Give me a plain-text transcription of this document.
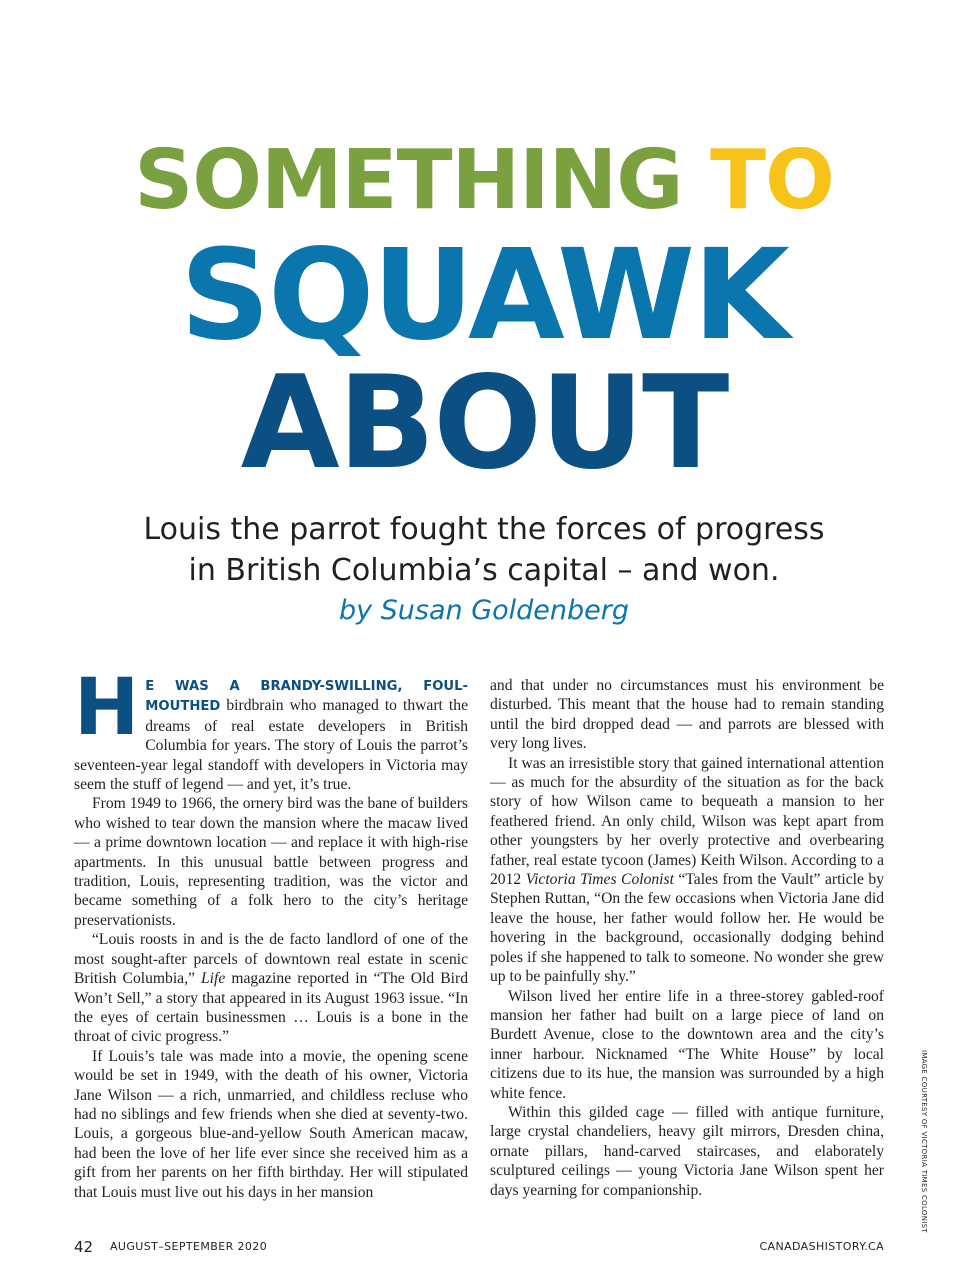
SOMETHING TO
SQUAWK
ABOUT
Louis the parrot fought the forces of progress
in British Columbia’s capital – and won.
by Susan Goldenberg

H E WAS A BRANDY-SWILLING, FOUL-MOUTHED birdbrain who managed to thwart the dreams of real estate developers in British Columbia for years. The story of Louis the parrot’s seventeen-year legal standoff with developers in Victoria may seem the stuff of legend — and yet, it’s true.

From 1949 to 1966, the ornery bird was the bane of builders who wished to tear down the mansion where the macaw lived — a prime downtown location — and replace it with high-rise apartments. In this unusual battle between progress and tradition, Louis, representing tradition, was the victor and became something of a folk hero to the city’s heritage preservationists.

“Louis roosts in and is the de facto landlord of one of the most sought-after parcels of downtown real estate in scenic British Columbia,” Life magazine reported in “The Old Bird Won’t Sell,” a story that appeared in its August 1963 issue. “In the eyes of certain businessmen … Louis is a bone in the throat of civic progress.”

If Louis’s tale was made into a movie, the opening scene would be set in 1949, with the death of his owner, Victoria Jane Wilson — a rich, unmarried, and childless recluse who had no siblings and few friends when she died at seventy-two. Louis, a gorgeous blue-and-yellow South American macaw, had been the love of her life ever since she received him as a gift from her parents on her fifth birthday. Her will stipulated that Louis must live out his days in her mansion

and that under no circumstances must his environment be disturbed. This meant that the house had to remain standing until the bird dropped dead — and parrots are blessed with very long lives.

It was an irresistible story that gained international attention — as much for the absurdity of the situation as for the back story of how Wilson came to bequeath a mansion to her feathered friend. An only child, Wilson was kept apart from other youngsters by her overly protective and overbearing father, real estate tycoon (James) Keith Wilson. According to a 2012 Victoria Times Colonist “Tales from the Vault” article by Stephen Ruttan, “On the few occasions when Victoria Jane did leave the house, her father would follow her. He would be hovering in the background, occasionally dodging behind poles if she happened to talk to someone. No wonder she grew up to be painfully shy.”

Wilson lived her entire life in a three-storey gabled-roof mansion her father had built on a large piece of land on Burdett Avenue, close to the downtown area and the city’s inner harbour. Nicknamed “The White House” by local citizens due to its hue, the mansion was surrounded by a high white fence.

Within this gilded cage — filled with antique furniture, large crystal chandeliers, heavy gilt mirrors, Dresden china, ornate pillars, hand-carved staircases, and elaborately sculptured ceilings — young Victoria Jane Wilson spent her days yearning for companionship.	IMAGE COURTESY OF VICTORIA TIMES COLONIST
42 AUGUST–SEPTEMBER 2020	CANADASHISTORY.CA
